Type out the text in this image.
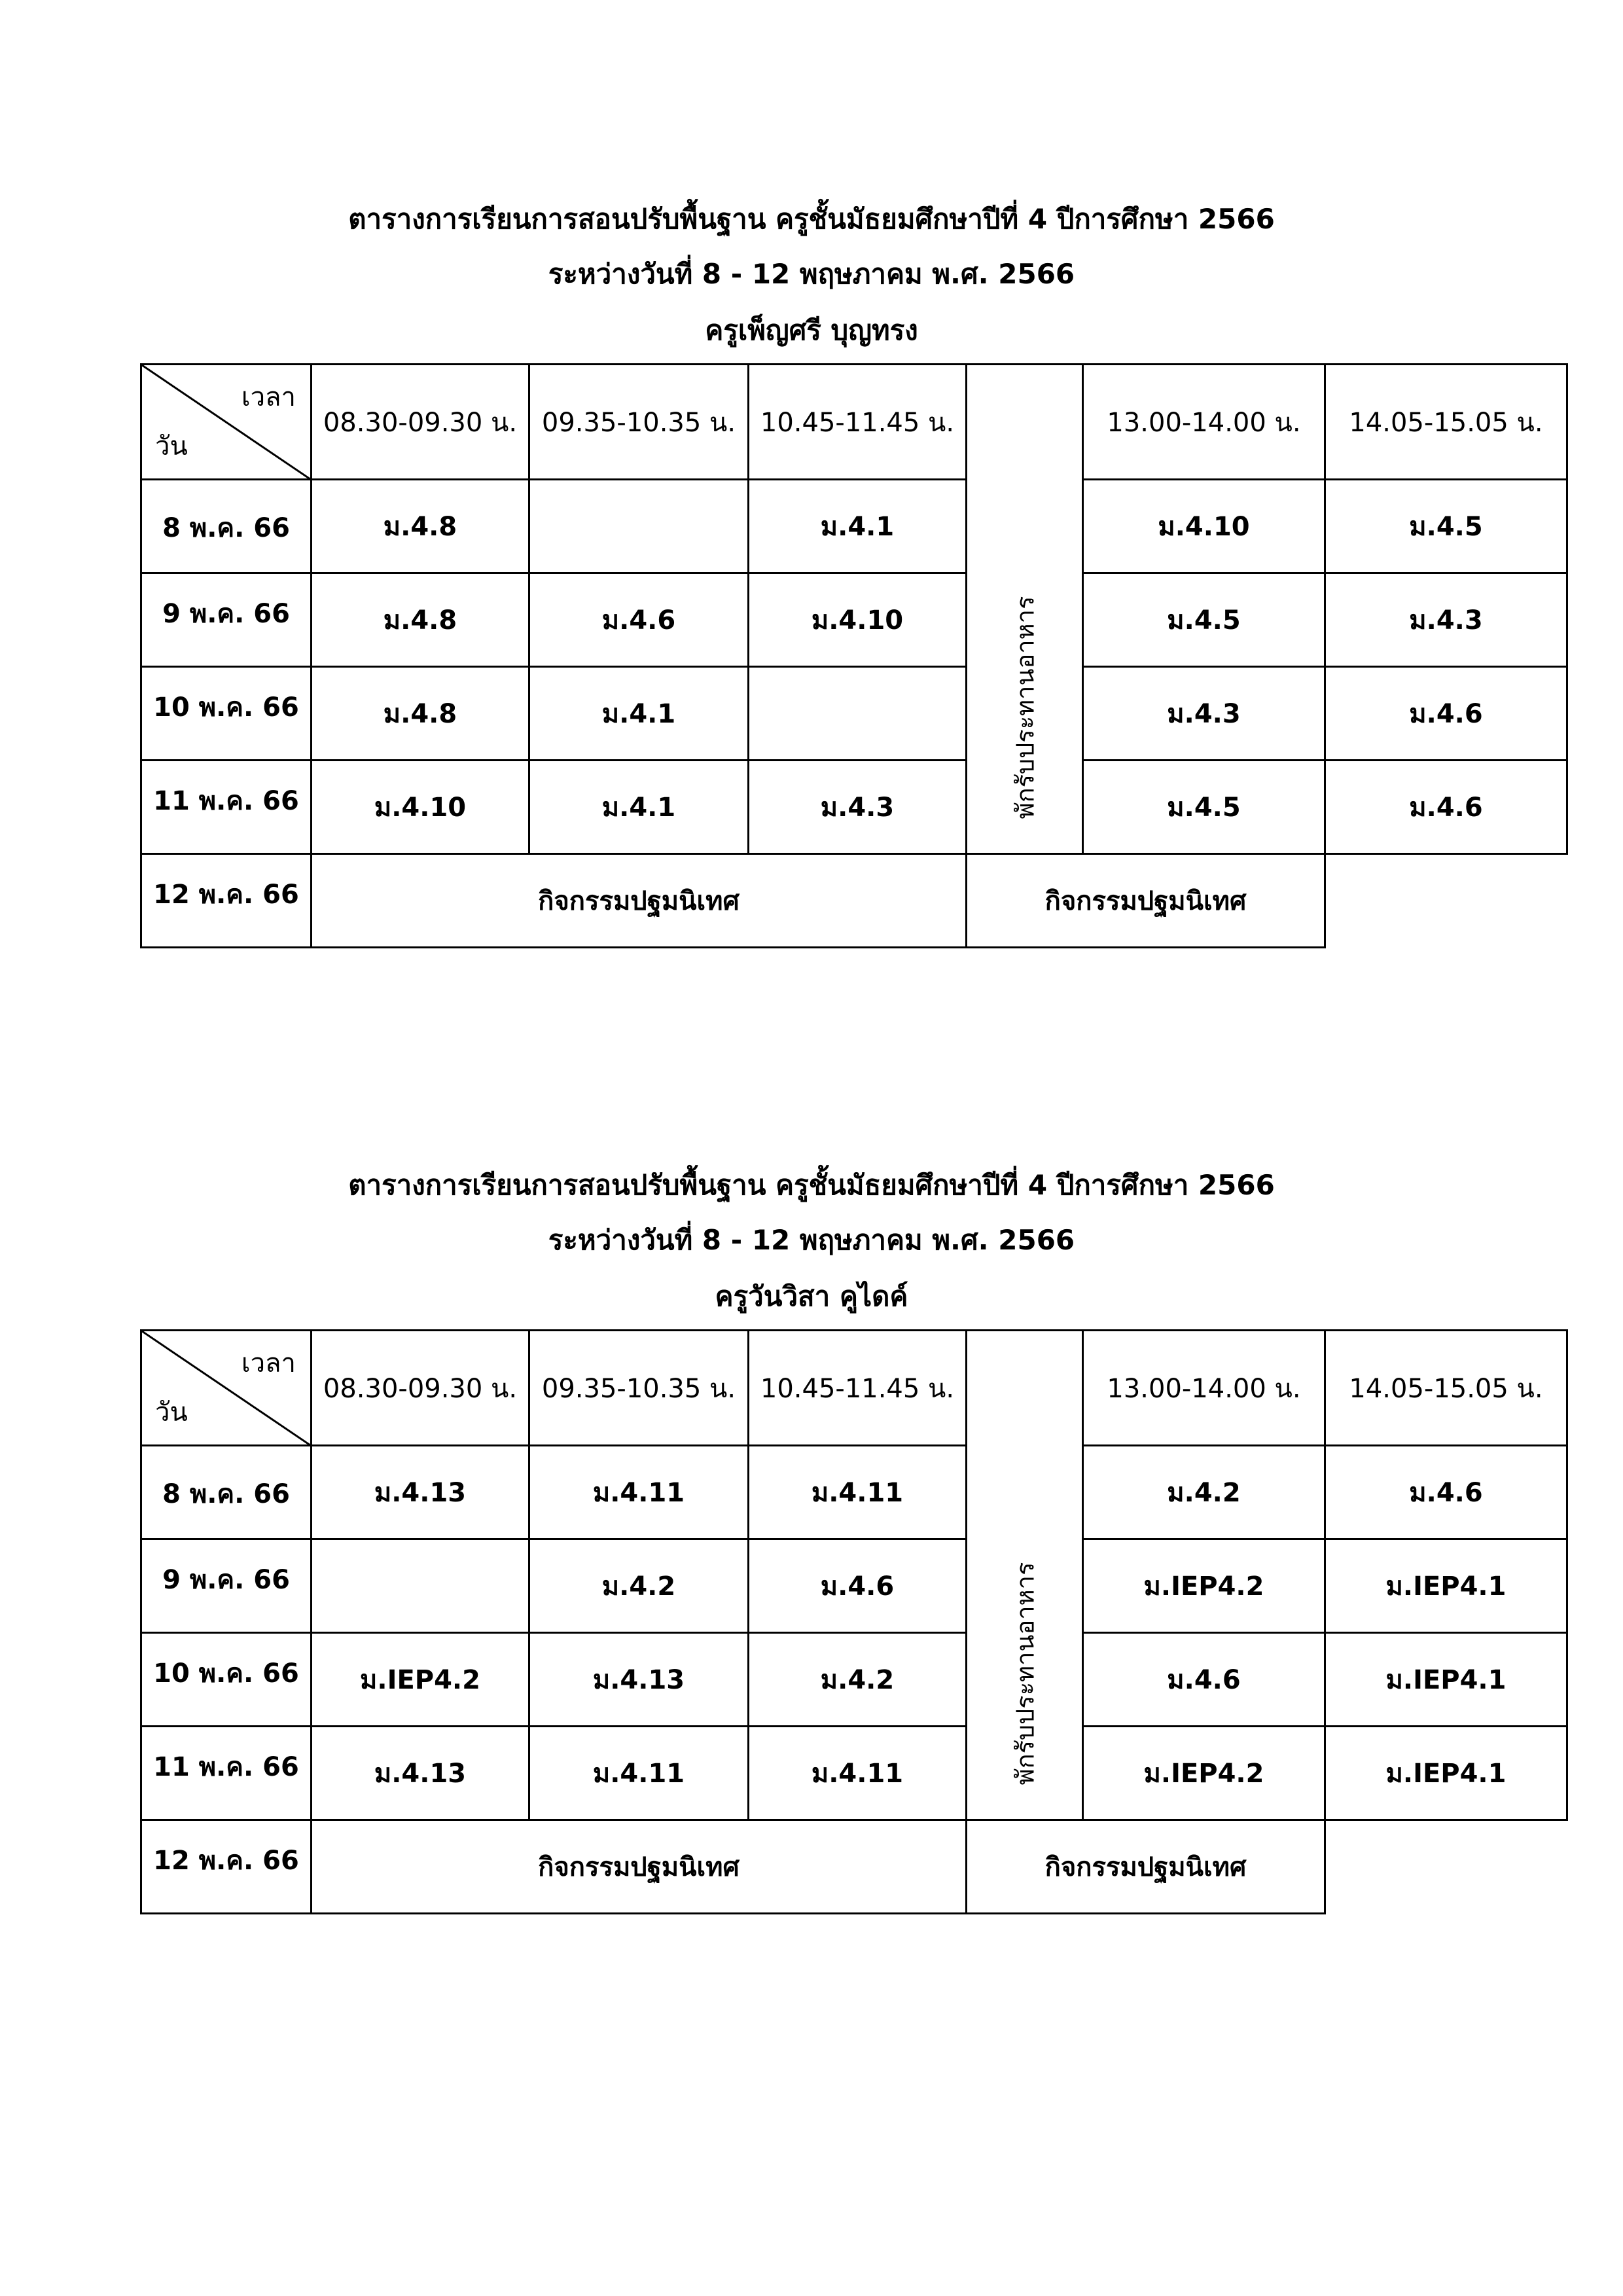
ตารางการเรียนการสอนปรับพื้นฐาน ครูชั้นมัธยมศึกษาปีที่ 4 ปีการศึกษา 2566
ระหว่างวันที่ 8 - 12 พฤษภาคม พ.ศ. 2566
ครูเพ็ญศรี บุญทรง
เวลา
วัน	08.30-09.30 น.	09.35-10.35 น.	10.45-11.45 น.	พักรับประทานอาหาร	13.00-14.00 น.	14.05-15.05 น.
8 พ.ค. 66	ม.4.8		ม.4.1		ม.4.10	ม.4.5
9 พ.ค. 66	ม.4.8	ม.4.6	ม.4.10		ม.4.5	ม.4.3
10 พ.ค. 66	ม.4.8	ม.4.1			ม.4.3	ม.4.6
11 พ.ค. 66	ม.4.10	ม.4.1	ม.4.3		ม.4.5	ม.4.6
12 พ.ค. 66	กิจกรรมปฐมนิเทศ			กิจกรรมปฐมนิเทศ		
ตารางการเรียนการสอนปรับพื้นฐาน ครูชั้นมัธยมศึกษาปีที่ 4 ปีการศึกษา 2566
ระหว่างวันที่ 8 - 12 พฤษภาคม พ.ศ. 2566
ครูวันวิสา คูไดค์
เวลา
วัน	08.30-09.30 น.	09.35-10.35 น.	10.45-11.45 น.	พักรับประทานอาหาร	13.00-14.00 น.	14.05-15.05 น.
8 พ.ค. 66	ม.4.13	ม.4.11	ม.4.11		ม.4.2	ม.4.6
9 พ.ค. 66		ม.4.2	ม.4.6		ม.IEP4.2	ม.IEP4.1
10 พ.ค. 66	ม.IEP4.2	ม.4.13	ม.4.2		ม.4.6	ม.IEP4.1
11 พ.ค. 66	ม.4.13	ม.4.11	ม.4.11		ม.IEP4.2	ม.IEP4.1
12 พ.ค. 66	กิจกรรมปฐมนิเทศ			กิจกรรมปฐมนิเทศ		
